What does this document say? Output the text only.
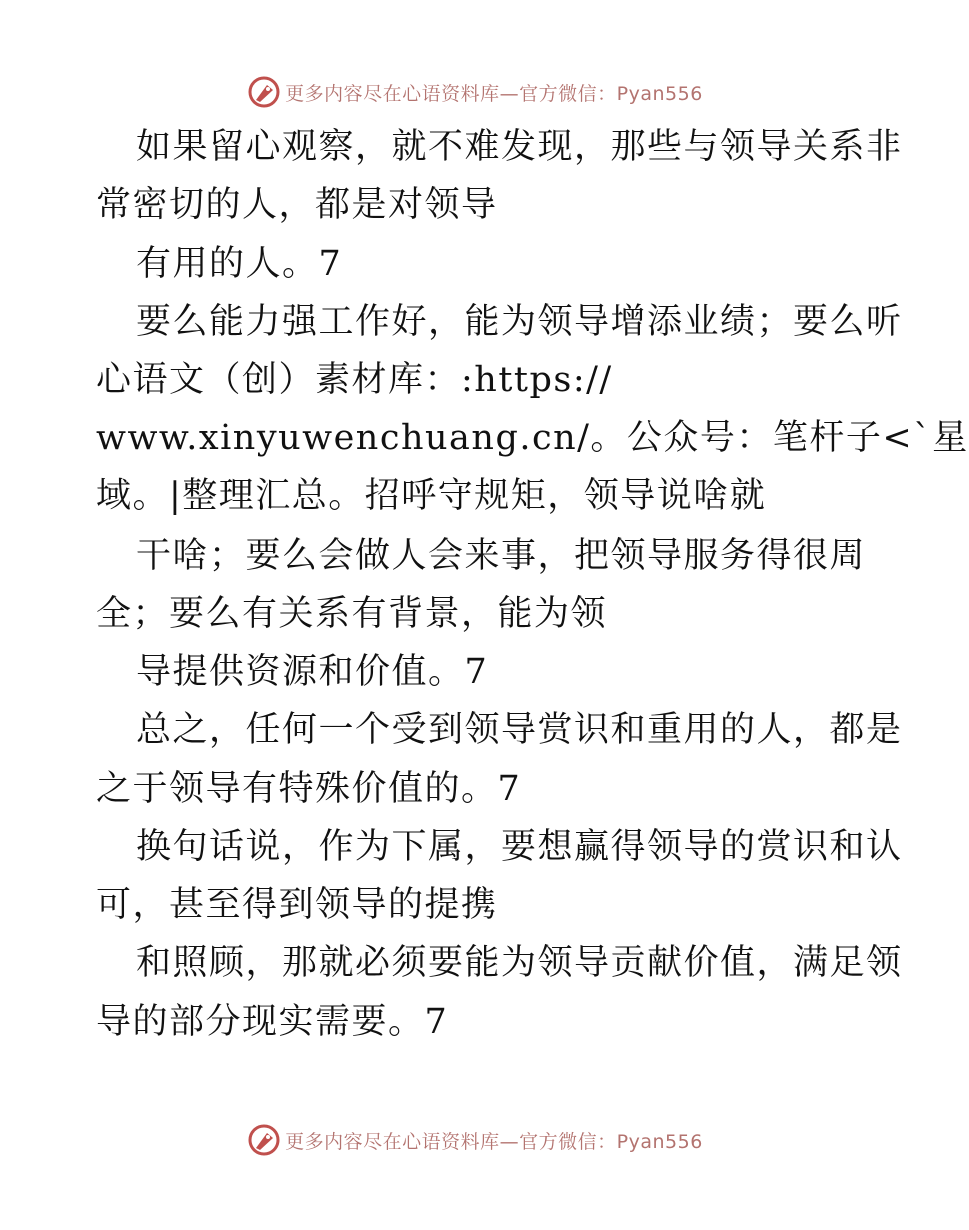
更多内容尽在心语资料库—官方微信：Pyan556
如果留心观察，就不难发现，那些与领导关系非
常密切的人，都是对领导
有用的人。7
要么能力强工作好，能为领导增添业绩；要么听
心语文（创）素材库：:https://
www.xinyuwenchuang.cn/。公众号：笔杆子<`星
域。|整理汇总。招呼守规矩，领导说啥就
干啥；要么会做人会来事，把领导服务得很周
全；要么有关系有背景，能为领
导提供资源和价值。7
总之，任何一个受到领导赏识和重用的人，都是
之于领导有特殊价值的。7
换句话说，作为下属，要想赢得领导的赏识和认
可，甚至得到领导的提携
和照顾，那就必须要能为领导贡献价值，满足领
导的部分现实需要。7
更多内容尽在心语资料库—官方微信：Pyan556
